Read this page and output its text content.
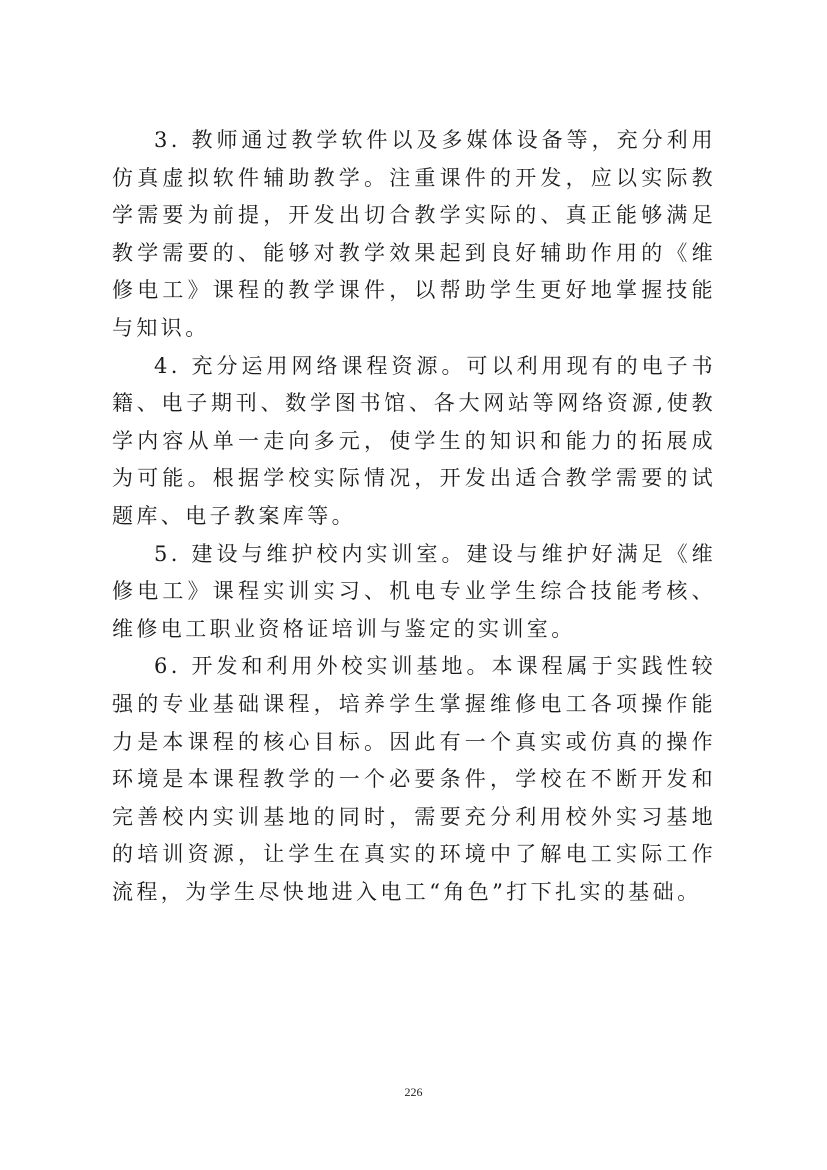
3. 教师通过教学软件以及多媒体设备等，充分利用仿真虚拟软件辅助教学。注重课件的开发，应以实际教学需要为前提，开发出切合教学实际的、真正能够满足教学需要的、能够对教学效果起到良好辅助作用的《维修电工》课程的教学课件，以帮助学生更好地掌握技能与知识。

4. 充分运用网络课程资源。可以利用现有的电子书籍、电子期刊、数学图书馆、各大网站等网络资源,使教学内容从单一走向多元，使学生的知识和能力的拓展成为可能。根据学校实际情况，开发出适合教学需要的试题库、电子教案库等。

5. 建设与维护校内实训室。建设与维护好满足《维修电工》课程实训实习、机电专业学生综合技能考核、维修电工职业资格证培训与鉴定的实训室。

6. 开发和利用外校实训基地。本课程属于实践性较强的专业基础课程，培养学生掌握维修电工各项操作能力是本课程的核心目标。因此有一个真实或仿真的操作环境是本课程教学的一个必要条件，学校在不断开发和完善校内实训基地的同时，需要充分利用校外实习基地的培训资源，让学生在真实的环境中了解电工实际工作流程，为学生尽快地进入电工“角色”打下扎实的基础。

226
